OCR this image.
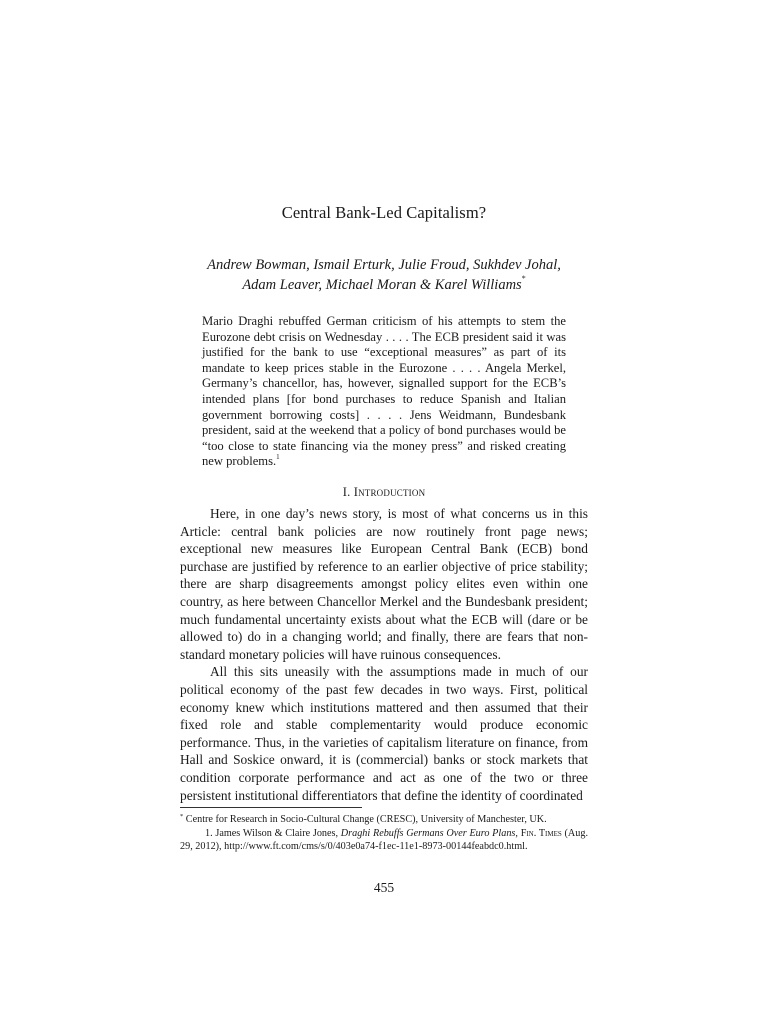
Central Bank-Led Capitalism?
Andrew Bowman, Ismail Erturk, Julie Froud, Sukhdev Johal,
Adam Leaver, Michael Moran & Karel Williams*
Mario Draghi rebuffed German criticism of his attempts to stem the Eurozone debt crisis on Wednesday . . . . The ECB president said it was justified for the bank to use “exceptional measures” as part of its mandate to keep prices stable in the Eurozone . . . . Angela Merkel, Germany’s chancellor, has, however, signalled support for the ECB’s intended plans [for bond purchases to reduce Spanish and Italian government borrowing costs] . . . . Jens Weidmann, Bundesbank president, said at the weekend that a policy of bond purchases would be “too close to state financing via the money press” and risked creating new problems.$^1$
I. Introduction

Here, in one day’s news story, is most of what concerns us in this Article: central bank policies are now routinely front page news; exceptional new measures like European Central Bank (ECB) bond purchase are justified by reference to an earlier objective of price stability; there are sharp disagreements amongst policy elites even within one country, as here between Chancellor Merkel and the Bundesbank president; much fundamental uncertainty exists about what the ECB will (dare or be allowed to) do in a changing world; and finally, there are fears that non-standard monetary policies will have ruinous consequences.

All this sits uneasily with the assumptions made in much of our political economy of the past few decades in two ways. First, political economy knew which institutions mattered and then assumed that their fixed role and stable complementarity would produce economic performance. Thus, in the varieties of capitalism literature on finance, from Hall and Soskice onward, it is (commercial) banks or stock markets that condition corporate performance and act as one of the two or three persistent institutional differentiators that define the identity of coordinated

* Centre for Research in Socio-Cultural Change (CRESC), University of Manchester, UK.

1. James Wilson & Claire Jones, Draghi Rebuffs Germans Over Euro Plans, Fin. Times (Aug. 29, 2012), http://www.ft.com/cms/s/0/403e0a74-f1ec-11e1-8973-00144feabdc0.html.

455
